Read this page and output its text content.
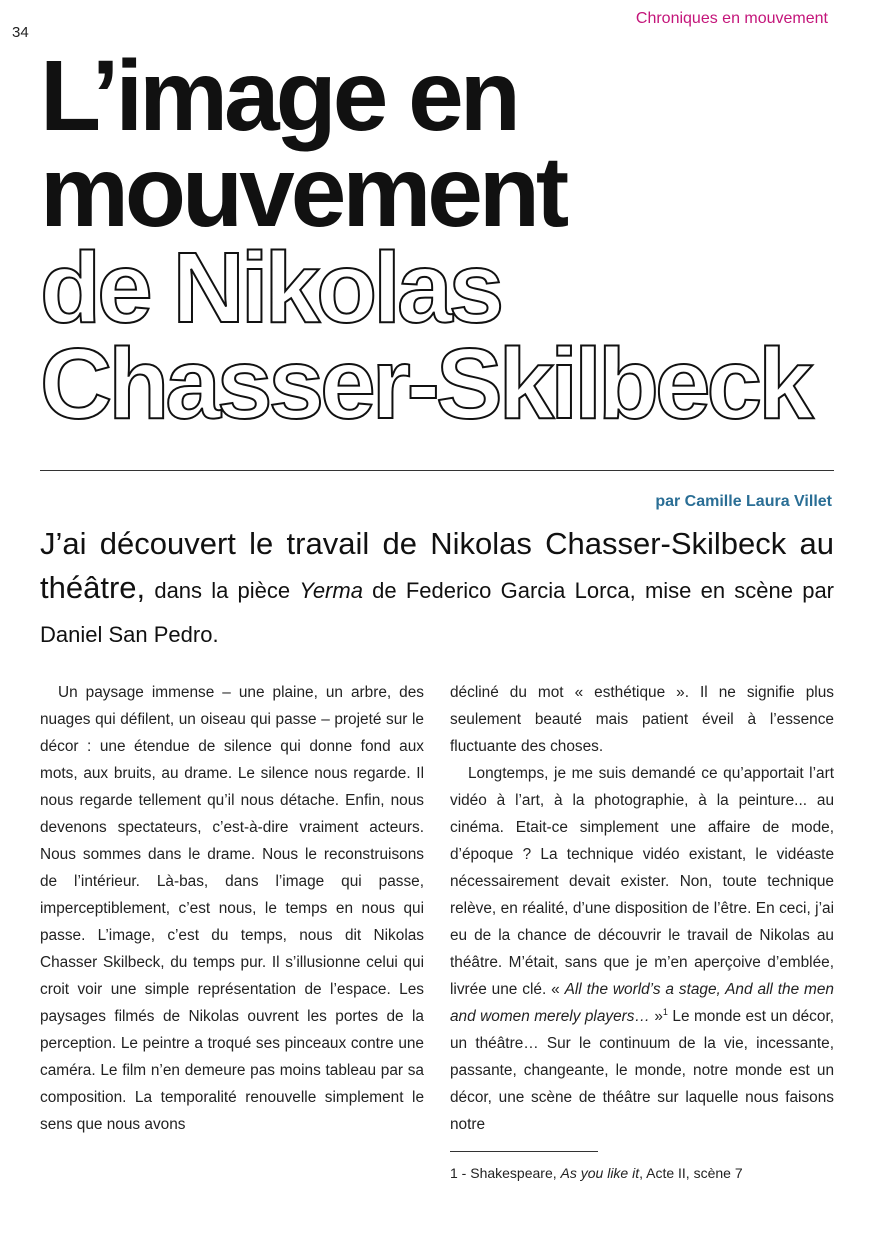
34
Chroniques en mouvement
L’image en
mouvement
de Nikolas
Chasser-Skilbeck
par Camille Laura Villet

J’ai découvert le travail de Nikolas Chasser-Skilbeck au théâtre, dans la pièce Yerma de Federico Garcia Lorca, mise en scène par Daniel San Pedro.

Un paysage immense – une plaine, un arbre, des nuages qui défilent, un oiseau qui passe – projeté sur le décor : une étendue de silence qui donne fond aux mots, aux bruits, au drame. Le silence nous regarde. Il nous regarde tellement qu’il nous détache. Enfin, nous devenons spectateurs, c’est-à-dire vraiment acteurs. Nous sommes dans le drame. Nous le reconstruisons de l’intérieur. Là-bas, dans l’image qui passe, imperceptiblement, c’est nous, le temps en nous qui passe. L’image, c’est du temps, nous dit Nikolas Chasser Skilbeck, du temps pur. Il s’illusionne celui qui croit voir une simple représentation de l’espace. Les paysages filmés de Nikolas ouvrent les portes de la perception. Le peintre a troqué ses pinceaux contre une caméra. Le film n’en demeure pas moins tableau par sa composition. La temporalité renouvelle simplement le sens que nous avons

décliné du mot « esthétique ». Il ne signifie plus seulement beauté mais patient éveil à l’essence fluctuante des choses.

Longtemps, je me suis demandé ce qu’apportait l’art vidéo à l’art, à la photographie, à la peinture... au cinéma. Etait-ce simplement une affaire de mode, d’époque ? La technique vidéo existant, le vidéaste nécessairement devait exister. Non, toute technique relève, en réalité, d’une disposition de l’être. En ceci, j’ai eu de la chance de découvrir le travail de Nikolas au théâtre. M’était, sans que je m’en aperçoive d’emblée, livrée une clé. « All the world’s a stage, And all the men and women merely players… »$^1$ Le monde est un décor, un théâtre… Sur le continuum de la vie, incessante, passante, changeante, le monde, notre monde est un décor, une scène de théâtre sur laquelle nous faisons notre

1 - Shakespeare, As you like it, Acte II, scène 7
